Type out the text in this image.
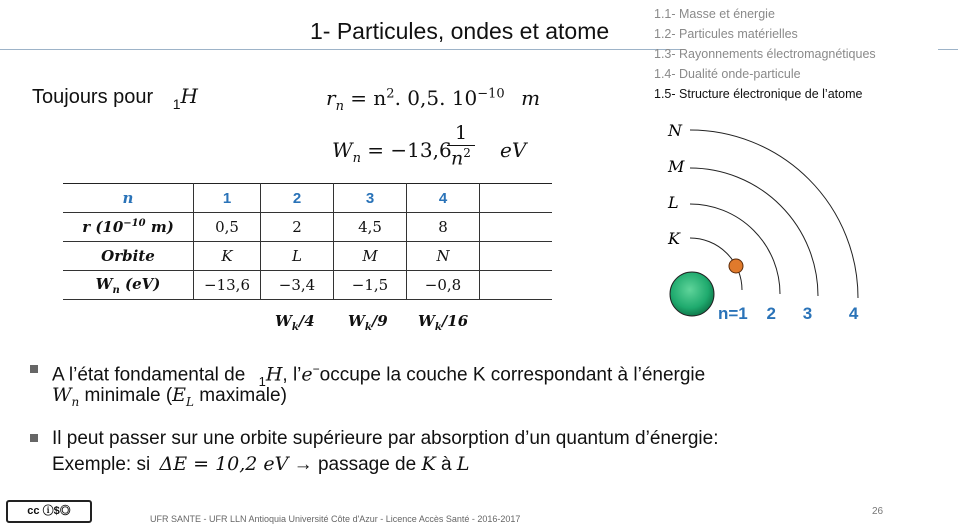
1- Particules, ondes et atome
1.1- Masse et énergie
1.2- Particules matérielles
1.3- Rayonnements électromagnétiques
1.4- Dualité onde-particule
1.5- Structure électronique de l’atome
Toujours pour $_1$H	$r_n = n^2$. 0,5. $10^{-10}$ m
$W_n = -13,6$
$\frac{1}{n^2}$ eV
n	1	2	3	4	
r ($10^{-10}$ m)	0,5	2	4,5	8	
Orbite	K	L	M	N	
$W_n$ (eV)	−13,6	−3,4	−1,5	−0,8	
$W_k/4$ $W_k/9$ $W_k/16$
N
M
L
K
n=1 2 3 4
A l’état fondamental de $_1$H, l’e−occupe la couche K correspondant à l’énergie
$W_n$ minimale ($E_L$ maximale)
Il peut passer sur une orbite supérieure par absorption d’un quantum d’énergie:
Exemple: si ΔE = 10,2 eV → passage de K à L
cc ⓘ$◎	26
UFR SANTE - UFR LLN Antioquia Université Côte d'Azur - Licence Accès Santé - 2016-2017
